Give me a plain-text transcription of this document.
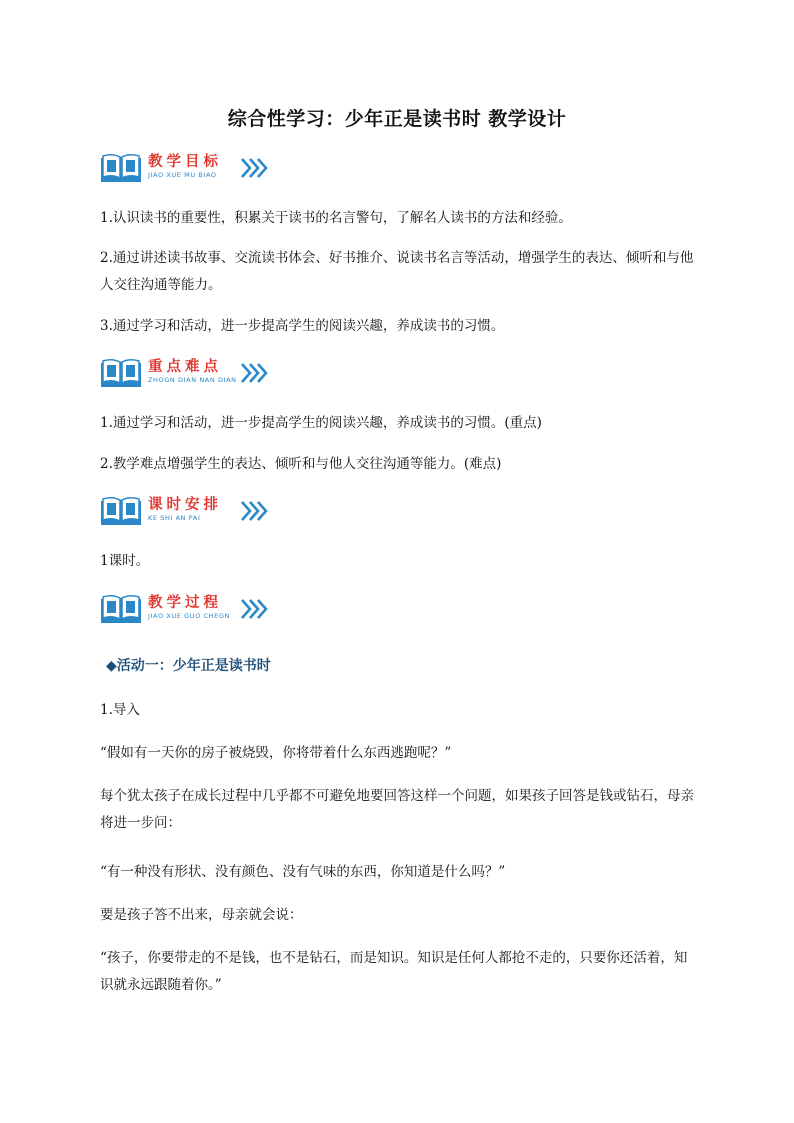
综合性学习：少年正是读书时 教学设计
教学目标
JIAO XUE MU BIAO
1.认识读书的重要性，积累关于读书的名言警句，了解名人读书的方法和经验。
2.通过讲述读书故事、交流读书体会、好书推介、说读书名言等活动，增强学生的表达、倾听和与他人交往沟通等能力。
3.通过学习和活动，进一步提高学生的阅读兴趣，养成读书的习惯。
重点难点
ZHOGN DIAN NAN DIAN
1.通过学习和活动，进一步提高学生的阅读兴趣，养成读书的习惯。(重点)
2.教学难点增强学生的表达、倾听和与他人交往沟通等能力。(难点)
课时安排
KE SHI AN PAI
1课时。
教学过程
JIAO XUE GUO CHEGN
◆活动一：少年正是读书时
1.导入
“假如有一天你的房子被烧毁，你将带着什么东西逃跑呢？”
每个犹太孩子在成长过程中几乎都不可避免地要回答这样一个问题，如果孩子回答是钱或钻石，母亲将进一步问：
“有一种没有形状、没有颜色、没有气味的东西，你知道是什么吗？”
要是孩子答不出来，母亲就会说：
“孩子，你要带走的不是钱，也不是钻石，而是知识。知识是任何人都抢不走的，只要你还活着，知识就永远跟随着你。”
